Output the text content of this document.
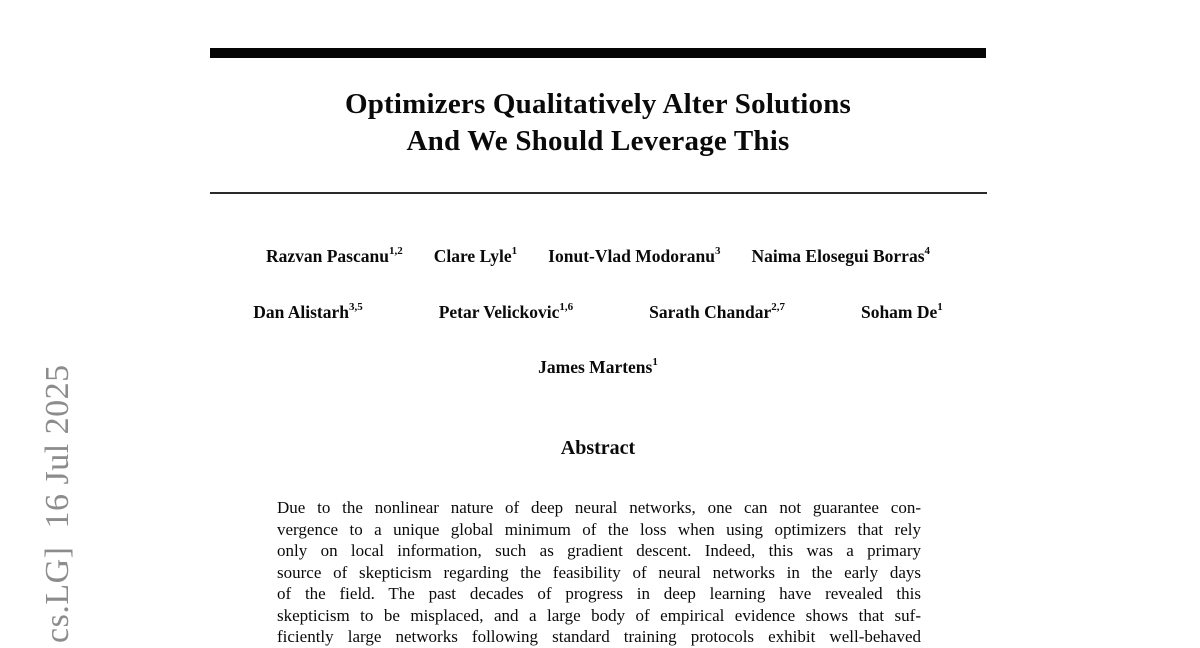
cs.LG]  16 Jul 2025
Optimizers Qualitatively Alter Solutions
And We Should Leverage This
Razvan Pascanu$^{1,2}$ Clare Lyle$^1$ Ionut-Vlad Modoranu$^3$ Naima Elosegui Borras$^4$
Dan Alistarh$^{3,5}$	Petar Velickovic$^{1,6}$	Sarath Chandar$^{2,7}$	Soham De$^1$
James Martens$^1$
Abstract
Due to the nonlinear nature of deep neural networks, one can not guarantee con-
vergence to a unique global minimum of the loss when using optimizers that rely
only on local information, such as gradient descent. Indeed, this was a primary
source of skepticism regarding the feasibility of neural networks in the early days
of the field. The past decades of progress in deep learning have revealed this
skepticism to be misplaced, and a large body of empirical evidence shows that suf-
ficiently large networks following standard training protocols exhibit well-behaved
